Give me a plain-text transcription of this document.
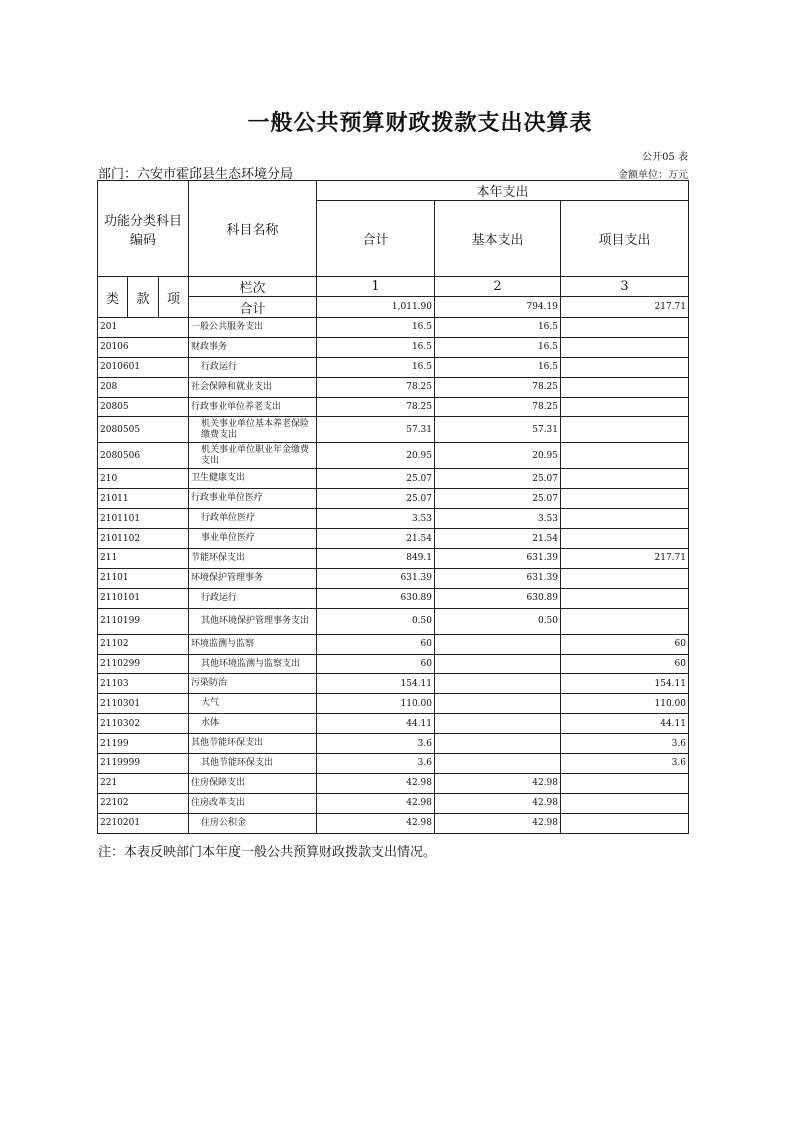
一般公共预算财政拨款支出决算表
公开05 表
部门：六安市霍邱县生态环境分局	金额单位：万元
功能分类科目编码			科目名称	本年支出		
				合计	基本支出	项目支出
类	款	项	栏次	1	2	3
			合计	1,011.90	794.19	217.71
201			一般公共服务支出	16.5	16.5	
20106			财政事务	16.5	16.5	
2010601			行政运行	16.5	16.5	
208			社会保障和就业支出	78.25	78.25	
20805			行政事业单位养老支出	78.25	78.25	
2080505			机关事业单位基本养老保险缴费支出	57.31	57.31	
2080506			机关事业单位职业年金缴费支出	20.95	20.95	
210			卫生健康支出	25.07	25.07	
21011			行政事业单位医疗	25.07	25.07	
2101101			行政单位医疗	3.53	3.53	
2101102			事业单位医疗	21.54	21.54	
211			节能环保支出	849.1	631.39	217.71
21101			环境保护管理事务	631.39	631.39	
2110101			行政运行	630.89	630.89	
2110199			其他环境保护管理事务支出	0.50	0.50	
21102			环境监测与监察	60		60
2110299			其他环境监测与监察支出	60		60
21103			污染防治	154.11		154.11
2110301			大气	110.00		110.00
2110302			水体	44.11		44.11
21199			其他节能环保支出	3.6		3.6
2119999			其他节能环保支出	3.6		3.6
221			住房保障支出	42.98	42.98	
22102			住房改革支出	42.98	42.98	
2210201			住房公积金	42.98	42.98	
注：本表反映部门本年度一般公共预算财政拨款支出情况。
